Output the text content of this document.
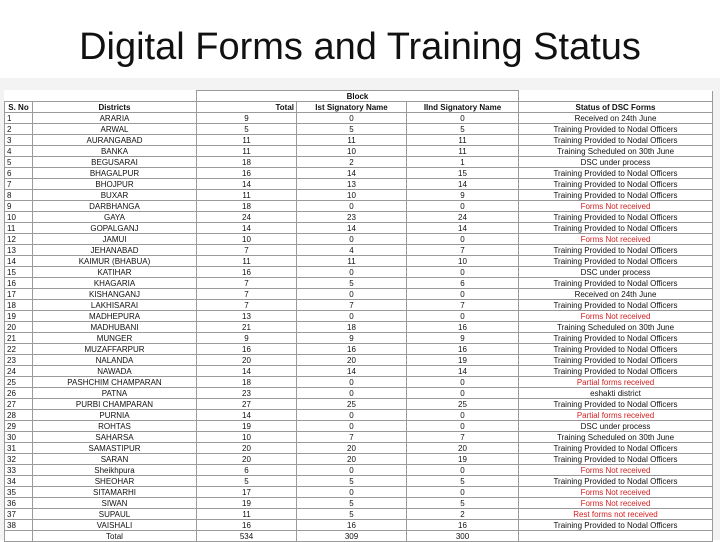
Digital Forms and Training Status
		Block			
S. No	Districts	Total	Ist Signatory Name	IInd Signatory Name	Status of DSC Forms
1	ARARIA	9	0	0	Received on 24th June
2	ARWAL	5	5	5	Training Provided to Nodal Officers
3	AURANGABAD	11	11	11	Training Provided to Nodal Officers
4	BANKA	11	10	11	Training Scheduled on 30th June
5	BEGUSARAI	18	2	1	DSC under process
6	BHAGALPUR	16	14	15	Training Provided to Nodal Officers
7	BHOJPUR	14	13	14	Training Provided to Nodal Officers
8	BUXAR	11	10	9	Training Provided to Nodal Officers
9	DARBHANGA	18	0	0	Forms Not received
10	GAYA	24	23	24	Training Provided to Nodal Officers
11	GOPALGANJ	14	14	14	Training Provided to Nodal Officers
12	JAMUI	10	0	0	Forms Not received
13	JEHANABAD	7	4	7	Training Provided to Nodal Officers
14	KAIMUR (BHABUA)	11	11	10	Training Provided to Nodal Officers
15	KATIHAR	16	0	0	DSC under process
16	KHAGARIA	7	5	6	Training Provided to Nodal Officers
17	KISHANGANJ	7	0	0	Received on 24th June
18	LAKHISARAI	7	7	7	Training Provided to Nodal Officers
19	MADHEPURA	13	0	0	Forms Not received
20	MADHUBANI	21	18	16	Training Scheduled on 30th June
21	MUNGER	9	9	9	Training Provided to Nodal Officers
22	MUZAFFARPUR	16	16	16	Training Provided to Nodal Officers
23	NALANDA	20	20	19	Training Provided to Nodal Officers
24	NAWADA	14	14	14	Training Provided to Nodal Officers
25	PASHCHIM CHAMPARAN	18	0	0	Partial forms received
26	PATNA	23	0	0	eshakti district
27	PURBI CHAMPARAN	27	25	25	Training Provided to Nodal Officers
28	PURNIA	14	0	0	Partial forms received
29	ROHTAS	19	0	0	DSC under process
30	SAHARSA	10	7	7	Training Scheduled on 30th June
31	SAMASTIPUR	20	20	20	Training Provided to Nodal Officers
32	SARAN	20	20	19	Training Provided to Nodal Officers
33	Sheikhpura	6	0	0	Forms Not received
34	SHEOHAR	5	5	5	Training Provided to Nodal Officers
35	SITAMARHI	17	0	0	Forms Not received
36	SIWAN	19	5	5	Forms Not received
37	SUPAUL	11	5	2	Rest forms not received
38	VAISHALI	16	16	16	Training Provided to Nodal Officers
	Total	534	309	300	
